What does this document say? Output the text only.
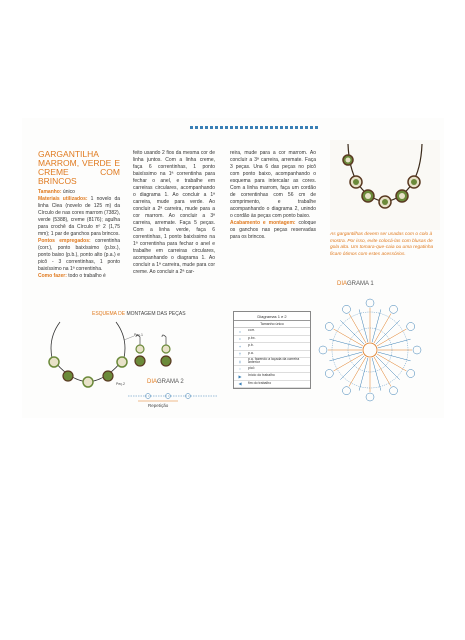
GARGANTILHA MARROM, VERDE E CREME COM BRINCOS
Tamanho: único
Materiais utilizados: 1 novelo da linha Clea (novelo de 125 m) da Círculo de nas cores marrom (7382), verde (5388), creme (8176); agulha para crochê da Círculo nº 2 (1,75 mm); 1 par de ganchos para brincos.
Pontos empregados: correntinha (corr.), ponto baixíssimo (p.bx.), ponto baixo (p.b.), ponto alto (p.a.) e picô - 3 correntinhas, 1 ponto baixíssimo na 1ª correntinha.
Como fazer: todo o trabalho é
feito usando 2 fios da mesma cor de linha juntos. Com a linha creme, faça 6 correntinhas, 1 ponto baixíssimo na 1ª correntinha para fechar o anel, e trabalhe em carreiras circulares, acompanhando o diagrama 1. Ao concluir a 1ª carreira, mude para verde. Ao concluir a 2ª carreira, mude para a cor marrom. Ao concluir a 3ª carreira, arremate. Faça 5 peças. Com a linha verde, faça 6 correntinhas, 1 ponto baixíssimo na 1ª correntinha para fechar o anel e trabalhe em carreiras circulares, acompanhando o diagrama 1. Ao concluir a 1ª carreira, mude para cor creme. Ao concluir a 2ª car-
reira, mude para a cor marrom. Ao concluir a 3ª carreira, arremate. Faça 3 peças. Una 6 das peças no picô com ponto baixo, acompanhando o esquema para intercalar as cores. Com a linha marrom, faça um cordão de correntinhas com 56 cm de comprimento, e trabalhe acompanhando o diagrama 2, unindo o cordão às peças com ponto baixo.
Acabamento e montagem: coloque os ganchos nas peças reservadas para os brincos.	As gargantilhas devem ser usadas com o colo à mostra. Por isso, evite colocá-las com blusas de gola alta. Um tomara-que-caia ou uma regatinha ficam ótimos com estes acessórios.
ESQUEMA DE MONTAGEM DAS PEÇAS
Peç.1
Peç.2	DIAGRAMA 2
Repetição
Diagramas 1 e 2
Tamanho único
○	corr.
•	p.bx.
+	p.b.
†	p.a.
‡
p.a. fazendo a laçada da carreira anterior
◌	picô
▶	Início do trabalho
◀	fim do trabalho
DIAGRAMA 1
